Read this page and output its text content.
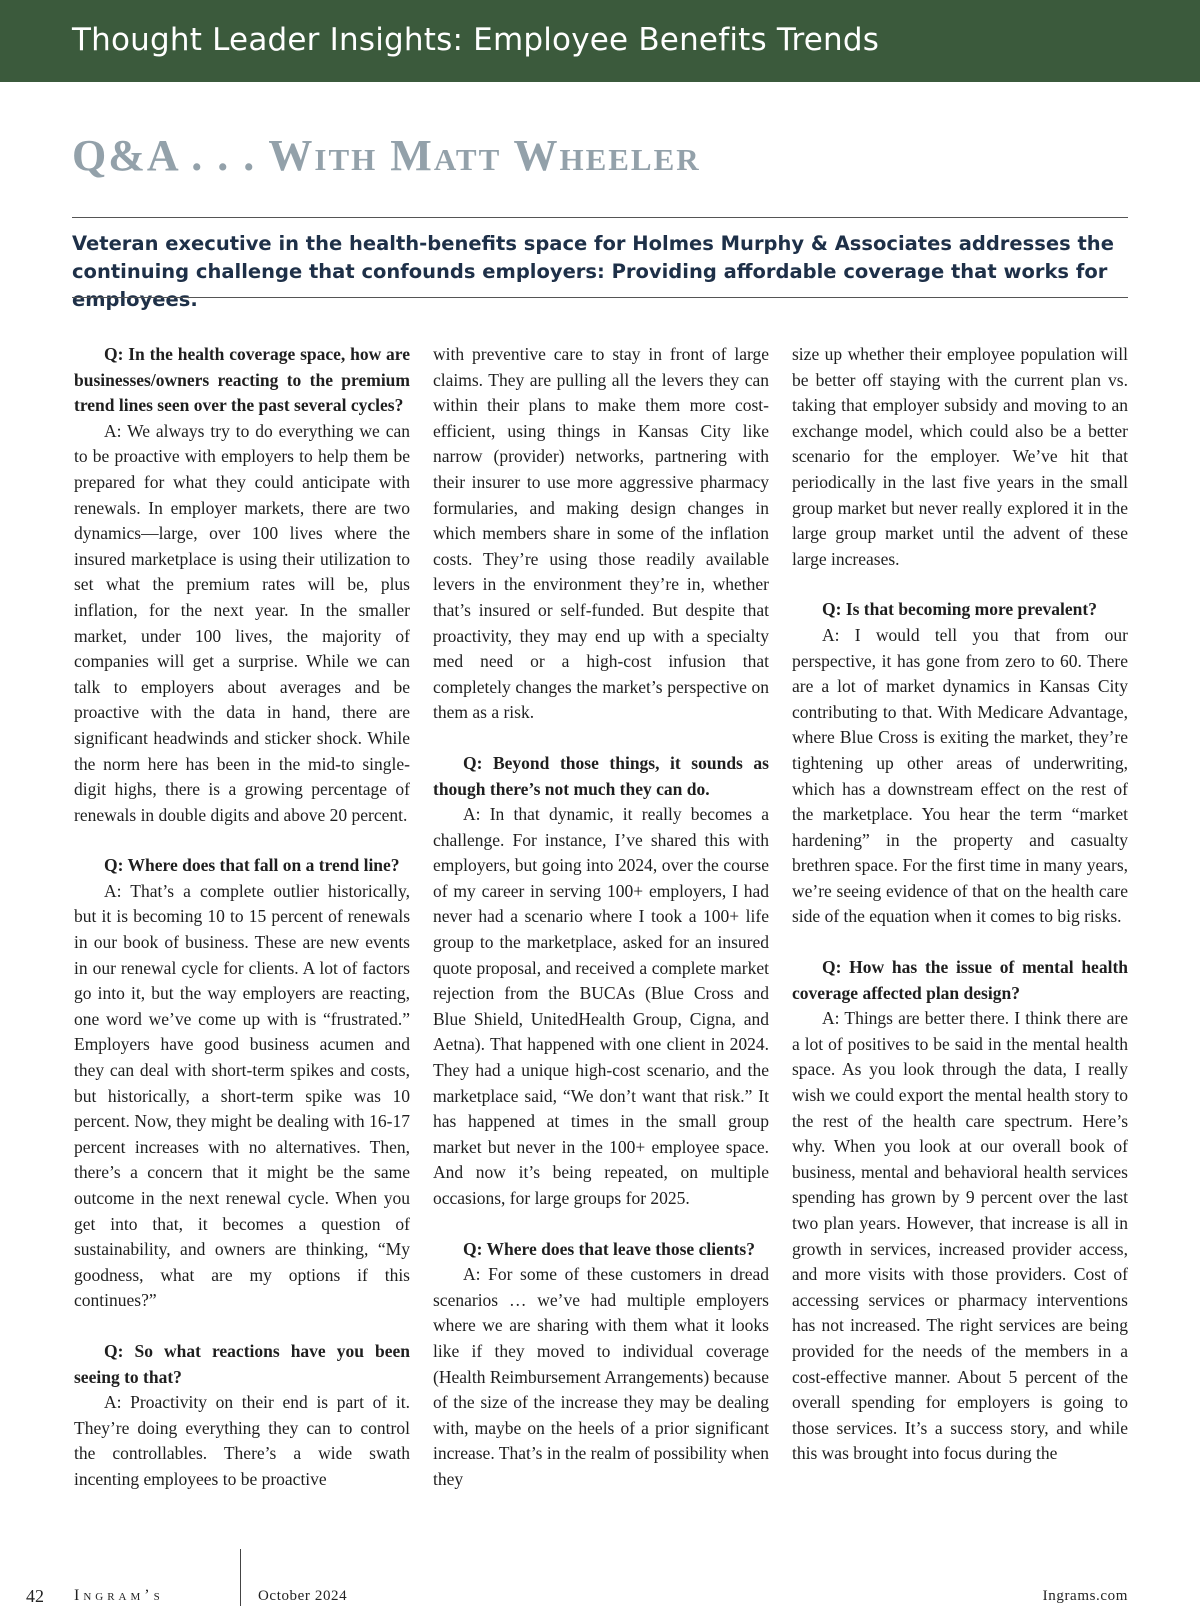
Thought Leader Insights: Employee Benefits Trends
Q&A . . . With Matt Wheeler
Veteran executive in the health-benefits space for Holmes Murphy & Associates addresses the continuing challenge that confounds employers: Providing affordable coverage that works for employees.

Q: In the health coverage space, how are businesses/owners reacting to the premium trend lines seen over the past several cycles?

A: We always try to do everything we can to be proactive with employers to help them be prepared for what they could anticipate with renewals. In employer markets, there are two dynamics—large, over 100 lives where the insured marketplace is using their utilization to set what the premium rates will be, plus inflation, for the next year. In the smaller market, under 100 lives, the majority of companies will get a surprise. While we can talk to employers about averages and be proactive with the data in hand, there are significant headwinds and sticker shock. While the norm here has been in the mid-to single-digit highs, there is a growing percentage of renewals in double digits and above 20 percent.

Q: Where does that fall on a trend line?

A: That’s a complete outlier historically, but it is becoming 10 to 15 percent of renewals in our book of business. These are new events in our renewal cycle for clients. A lot of factors go into it, but the way employers are reacting, one word we’ve come up with is “frustrated.” Employers have good business acumen and they can deal with short-term spikes and costs, but historically, a short-term spike was 10 percent. Now, they might be dealing with 16-17 percent increases with no alternatives. Then, there’s a concern that it might be the same outcome in the next renewal cycle. When you get into that, it becomes a question of sustainability, and owners are thinking, “My goodness, what are my options if this continues?”

Q: So what reactions have you been seeing to that?

A: Proactivity on their end is part of it. They’re doing everything they can to control the controllables. There’s a wide swath incenting employees to be proactive

with preventive care to stay in front of large claims. They are pulling all the levers they can within their plans to make them more cost-efficient, using things in Kansas City like narrow (provider) networks, partnering with their insurer to use more aggressive pharmacy formularies, and making design changes in which members share in some of the inflation costs. They’re using those readily available levers in the environment they’re in, whether that’s insured or self-funded. But despite that proactivity, they may end up with a specialty med need or a high-cost infusion that completely changes the market’s perspective on them as a risk.

Q: Beyond those things, it sounds as though there’s not much they can do.

A: In that dynamic, it really becomes a challenge. For instance, I’ve shared this with employers, but going into 2024, over the course of my career in serving 100+ employers, I had never had a scenario where I took a 100+ life group to the marketplace, asked for an insured quote proposal, and received a complete market rejection from the BUCAs (Blue Cross and Blue Shield, UnitedHealth Group, Cigna, and Aetna). That happened with one client in 2024. They had a unique high-cost scenario, and the marketplace said, “We don’t want that risk.” It has happened at times in the small group market but never in the 100+ employee space. And now it’s being repeated, on multiple occasions, for large groups for 2025.

Q: Where does that leave those clients?

A: For some of these customers in dread scenarios … we’ve had multiple employers where we are sharing with them what it looks like if they moved to individual coverage (Health Reimbursement Arrangements) because of the size of the increase they may be dealing with, maybe on the heels of a prior significant increase. That’s in the realm of possibility when they

size up whether their employee population will be better off staying with the current plan vs. taking that employer subsidy and moving to an exchange model, which could also be a better scenario for the employer. We’ve hit that periodically in the last five years in the small group market but never really explored it in the large group market until the advent of these large increases.

Q: Is that becoming more prevalent?

A: I would tell you that from our perspective, it has gone from zero to 60. There are a lot of market dynamics in Kansas City contributing to that. With Medicare Advantage, where Blue Cross is exiting the market, they’re tightening up other areas of underwriting, which has a downstream effect on the rest of the marketplace. You hear the term “market hardening” in the property and casualty brethren space. For the first time in many years, we’re seeing evidence of that on the health care side of the equation when it comes to big risks.

Q: How has the issue of mental health coverage affected plan design?

A: Things are better there. I think there are a lot of positives to be said in the mental health space. As you look through the data, I really wish we could export the mental health story to the rest of the health care spectrum. Here’s why. When you look at our overall book of business, mental and behavioral health services spending has grown by 9 percent over the last two plan years. However, that increase is all in growth in services, increased provider access, and more visits with those providers. Cost of accessing services or pharmacy interventions has not increased. The right services are being provided for the needs of the members in a cost-effective manner. About 5 percent of the overall spending for employers is going to those services. It’s a success story, and while this was brought into focus during the

42 Ingram’s	October 2024	Ingrams.com
